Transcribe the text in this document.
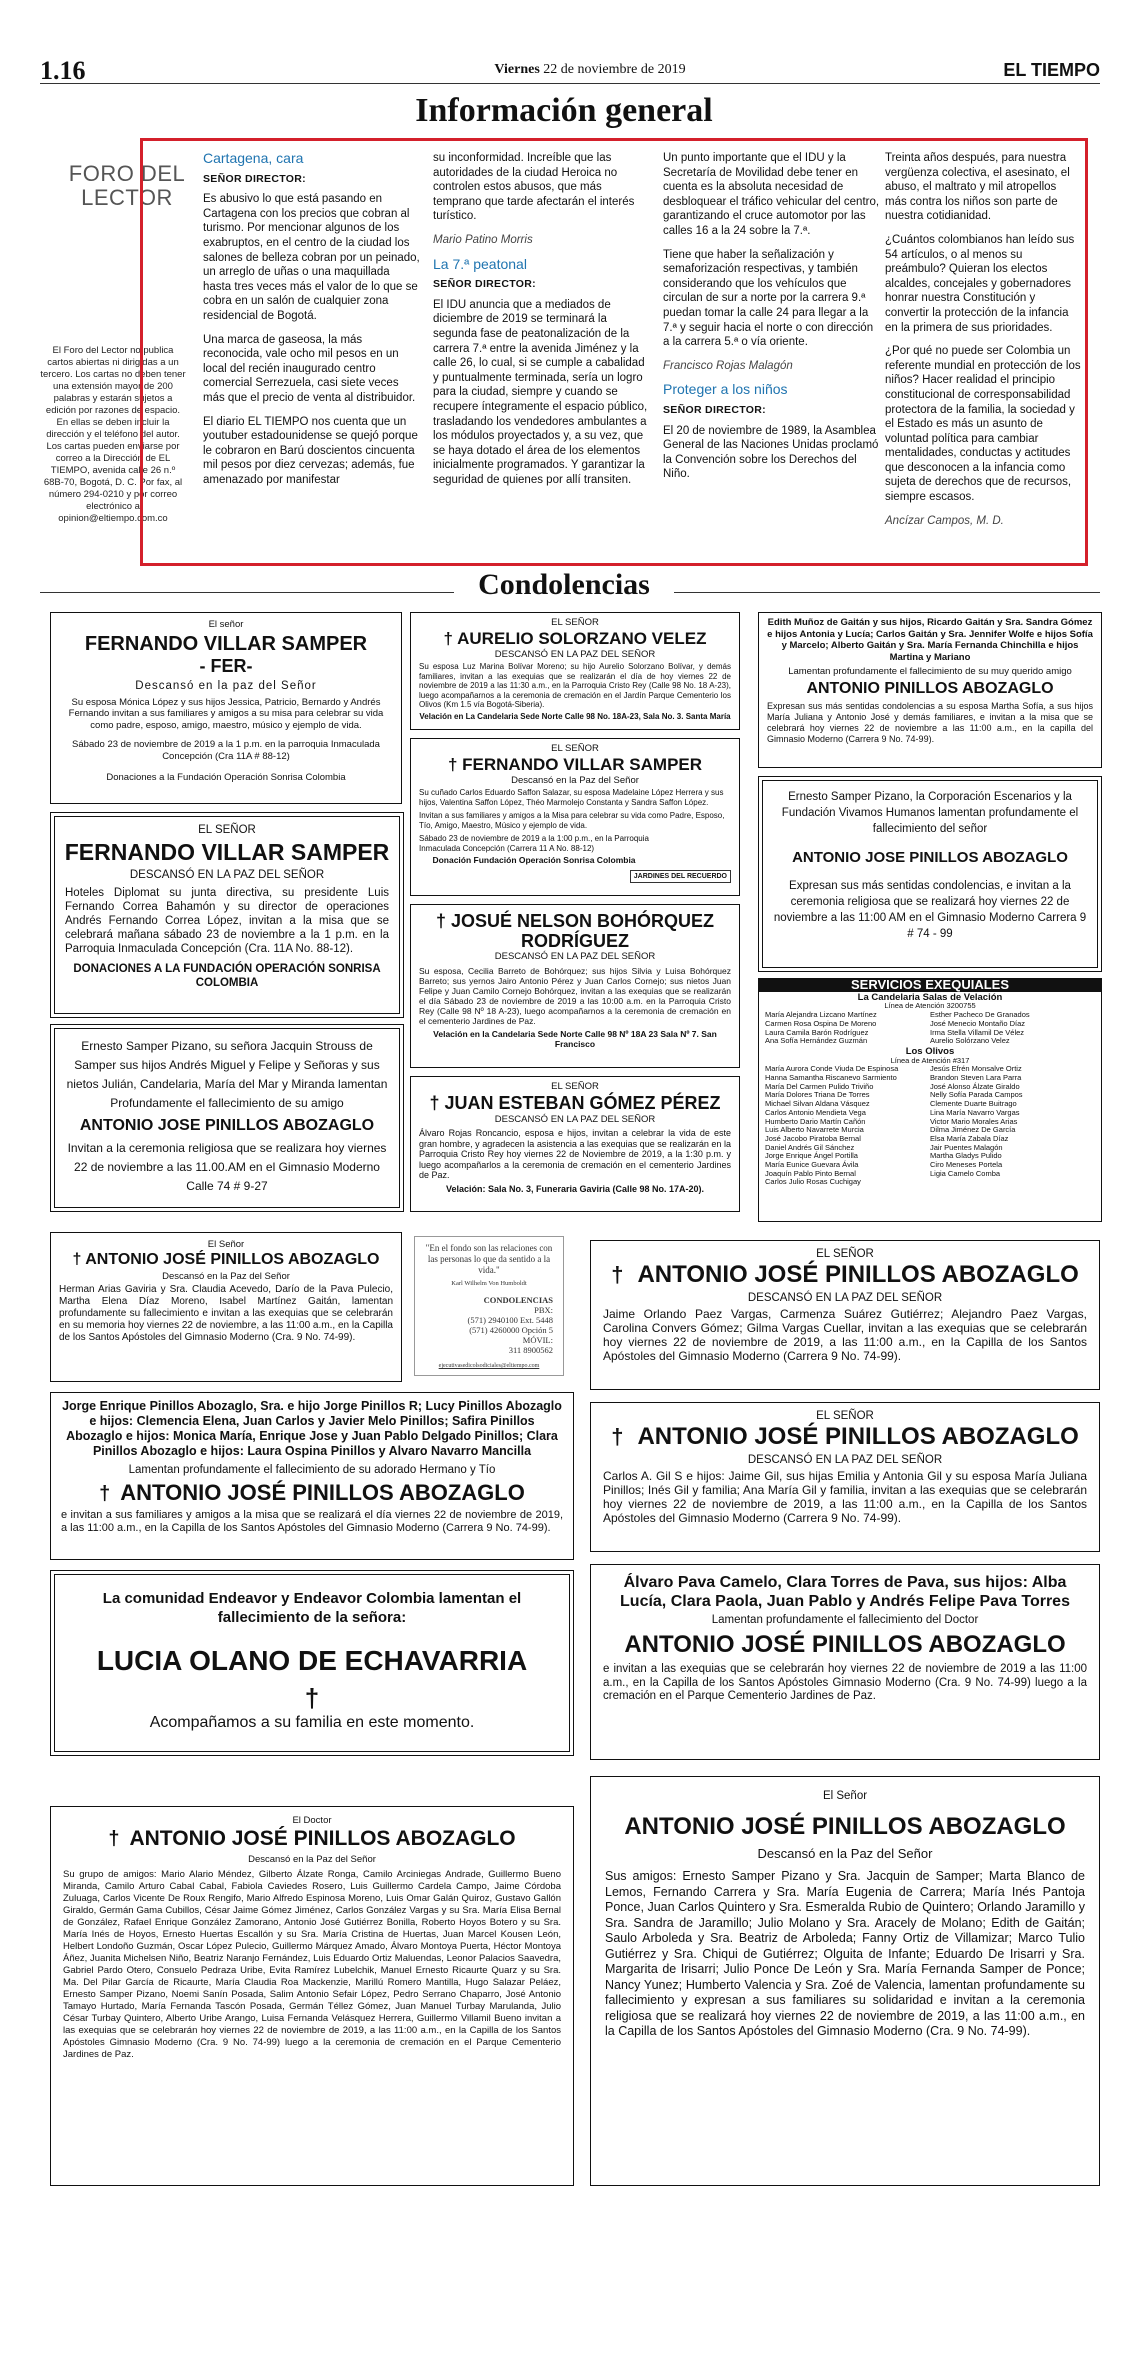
1.16	Viernes 22 de noviembre de 2019	EL TIEMPO
Información general
FORO DEL LECTOR
El Foro del Lector no publica cartos abiertas ni dirigidas a un tercero. Los cartas no deben tener una extensión mayor de 200 palabras y estarán sujetos a edición por razones de espacio. En ellas se deben incluir la dirección y el teléfono del autor. Los cartas pueden enviarse por correo a la Dirección de EL TIEMPO, avenida calle 26 n.º 68B-70, Bogotá, D. C. Por fax, al número 294-0210 y por correo electrónico a opinion@eltiempo.com.co

Cartagena, cara

SEÑOR DIRECTOR:

Es abusivo lo que está pasando en Cartagena con los precios que cobran al turismo. Por mencionar algunos de los exabruptos, en el centro de la ciudad los salones de belleza cobran por un peinado, un arreglo de uñas o una maquillada hasta tres veces más el valor de lo que se cobra en un salón de cualquier zona residencial de Bogotá.

Una marca de gaseosa, la más reconocida, vale ocho mil pesos en un local del recién inaugurado centro comercial Serrezuela, casi siete veces más que el precio de venta al distribuidor.

El diario EL TIEMPO nos cuenta que un youtuber estadounidense se quejó porque le cobraron en Barú doscientos cincuenta mil pesos por diez cervezas; además, fue amenazado por manifestar

su inconformidad. Increíble que las autoridades de la ciudad Heroica no controlen estos abusos, que más temprano que tarde afectarán el interés turístico.

Mario Patino Morris

La 7.ª peatonal

SEÑOR DIRECTOR:

El IDU anuncia que a mediados de diciembre de 2019 se terminará la segunda fase de peatonalización de la carrera 7.ª entre la avenida Jiménez y la calle 26, lo cual, si se cumple a cabalidad y puntualmente terminada, sería un logro para la ciudad, siempre y cuando se recupere íntegramente el espacio público, trasladando los vendedores ambulantes a los módulos proyectados y, a su vez, que se haya dotado el área de los elementos inicialmente programados. Y garantizar la seguridad de quienes por allí transiten.

Un punto importante que el IDU y la Secretaría de Movilidad debe tener en cuenta es la absoluta necesidad de desbloquear el tráfico vehicular del centro, garantizando el cruce automotor por las calles 16 a la 24 sobre la 7.ª.

Tiene que haber la señalización y semaforización respectivas, y también considerando que los vehículos que circulan de sur a norte por la carrera 9.ª puedan tomar la calle 24 para llegar a la 7.ª y seguir hacia el norte o con dirección a la carrera 5.ª o vía oriente.

Francisco Rojas Malagón

Proteger a los niños

SEÑOR DIRECTOR:

El 20 de noviembre de 1989, la Asamblea General de las Naciones Unidas proclamó la Convención sobre los Derechos del Niño.

Treinta años después, para nuestra vergüenza colectiva, el asesinato, el abuso, el maltrato y mil atropellos más contra los niños son parte de nuestra cotidianidad.

¿Cuántos colombianos han leído sus 54 artículos, o al menos su preámbulo? Quieran los electos alcaldes, concejales y gobernadores honrar nuestra Constitución y convertir la protección de la infancia en la primera de sus prioridades.

¿Por qué no puede ser Colombia un referente mundial en protección de los niños? Hacer realidad el principio constitucional de corresponsabilidad protectora de la familia, la sociedad y el Estado es más un asunto de voluntad política para cambiar mentalidades, conductas y actitudes que desconocen a la infancia como sujeta de derechos que de recursos, siempre escasos.

Ancízar Campos, M. D.

Condolencias
El señor
FERNANDO VILLAR SAMPER
- FER-
Descansó en la paz del Señor
Su esposa Mónica López y sus hijos Jessica, Patricio, Bernardo y Andrés Fernando invitan a sus familiares y amigos a su misa para celebrar su vida como padre, esposo, amigo, maestro, músico y ejemplo de vida.
Sábado 23 de noviembre de 2019 a la 1 p.m. en la parroquia Inmaculada Concepción (Cra 11A # 88-12)
Donaciones a la Fundación Operación Sonrisa Colombia
EL SEÑOR
FERNANDO VILLAR SAMPER
DESCANSÓ EN LA PAZ DEL SEÑOR
Hoteles Diplomat su junta directiva, su presidente Luis Fernando Correa Bahamón y su director de operaciones Andrés Fernando Correa López, invitan a la misa que se celebrará mañana sábado 23 de noviembre a la 1 p.m. en la Parroquia Inmaculada Concepción (Cra. 11A No. 88-12).
DONACIONES A LA FUNDACIÓN OPERACIÓN SONRISA COLOMBIA
Ernesto Samper Pizano, su señora Jacquin Strouss de Samper sus hijos Andrés Miguel y Felipe y Señoras y sus nietos Julián, Candelaria, María del Mar y Miranda lamentan Profundamente el fallecimiento de su amigo
ANTONIO JOSE PINILLOS ABOZAGLO
Invitan a la ceremonia religiosa que se realizara hoy viernes 22 de noviembre a las 11.00.AM en el Gimnasio Moderno Calle 74 # 9-27
EL SEÑOR
† AURELIO SOLORZANO VELEZ
DESCANSÓ EN LA PAZ DEL SEÑOR
Su esposa Luz Marina Bolívar Moreno; su hijo Aurelio Solorzano Bolívar, y demás familiares, invitan a las exequias que se realizarán el día de hoy viernes 22 de noviembre de 2019 a las 11:30 a.m., en la Parroquia Cristo Rey (Calle 98 No. 18 A-23), luego acompañarnos a la ceremonia de cremación en el Jardín Parque Cementerio los Olivos (Km 1.5 vía Bogotá-Siberia).
Velación en La Candelaria Sede Norte Calle 98 No. 18A-23, Sala No. 3. Santa María
EL SEÑOR
† FERNANDO VILLAR SAMPER
Descansó en la Paz del Señor
Su cuñado Carlos Eduardo Saffon Salazar, su esposa Madelaine López Herrera y sus hijos, Valentina Saffon López, Théo Marmolejo Constanta y Sandra Saffon López.
Invitan a sus familiares y amigos a la Misa para celebrar su vida como Padre, Esposo, Tío, Amigo, Maestro, Músico y ejemplo de vida.
Sábado 23 de noviembre de 2019 a la 1:00 p.m., en la Parroquia Inmaculada Concepción (Carrera 11 A No. 88-12)
Donación Fundación Operación Sonrisa Colombia
JARDINES DEL RECUERDO
† JOSUÉ NELSON BOHÓRQUEZ RODRÍGUEZ
DESCANSÓ EN LA PAZ DEL SEÑOR
Su esposa, Cecilia Barreto de Bohórquez; sus hijos Silvia y Luisa Bohórquez Barreto; sus yernos Jairo Antonio Pérez y Juan Carlos Cornejo; sus nietos Juan Felipe y Juan Camilo Cornejo Bohórquez, invitan a las exequias que se realizarán el día Sábado 23 de noviembre de 2019 a las 10:00 a.m. en la Parroquia Cristo Rey (Calle 98 Nº 18 A-23), luego acompañarnos a la ceremonia de cremación en el cementerio Jardines de Paz.
Velación en la Candelaria Sede Norte Calle 98 Nº 18A 23 Sala Nº 7. San Francisco
EL SEÑOR
† JUAN ESTEBAN GÓMEZ PÉREZ
DESCANSÓ EN LA PAZ DEL SEÑOR
Álvaro Rojas Roncancio, esposa e hijos, invitan a celebrar la vida de este gran hombre, y agradecen la asistencia a las exequias que se realizarán en la Parroquia Cristo Rey hoy viernes 22 de Noviembre de 2019, a la 1:30 p.m. y luego acompañarlos a la ceremonia de cremación en el cementerio Jardines de Paz.
Velación: Sala No. 3, Funeraria Gaviria (Calle 98 No. 17A-20).
Edith Muñoz de Gaitán y sus hijos, Ricardo Gaitán y Sra. Sandra Gómez e hijos Antonia y Lucía; Carlos Gaitán y Sra. Jennifer Wolfe e hijos Sofía y Marcelo; Alberto Gaitán y Sra. María Fernanda Chinchilla e hijos Martina y Mariano
Lamentan profundamente el fallecimiento de su muy querido amigo
ANTONIO PINILLOS ABOZAGLO
Expresan sus más sentidas condolencias a su esposa Martha Sofía, a sus hijos María Juliana y Antonio José y demás familiares, e invitan a la misa que se celebrará hoy viernes 22 de noviembre a las 11:00 a.m., en la capilla del Gimnasio Moderno (Carrera 9 No. 74-99).
Ernesto Samper Pizano, la Corporación Escenarios y la Fundación Vivamos Humanos lamentan profundamente el fallecimiento del señor
ANTONIO JOSE PINILLOS ABOZAGLO
Expresan sus más sentidas condolencias, e invitan a la ceremonia religiosa que se realizará hoy viernes 22 de noviembre a las 11:00 AM en el Gimnasio Moderno Carrera 9 # 74 - 99
SERVICIOS EXEQUIALES
La Candelaria Salas de Velación
Línea de Atención 3200755
María Alejandra Lizcano Martínez
Carmen Rosa Ospina De Moreno
Laura Camila Barón Rodríguez
Ana Sofía Hernández Guzmán
Esther Pacheco De Granados
José Menecio Montaño Díaz
Irma Stella Villamil De Vélez
Aurelio Solórzano Velez
Los Olivos
Línea de Atención #317
María Aurora Conde Viuda De Espinosa
Hanna Samantha Riscanevo Sarmiento
María Del Carmen Pulido Triviño
María Dolores Triana De Torres
Michael Silvan Aldana Vásquez
Carlos Antonio Mendieta Vega
Humberto Dario Martín Cañón
Luis Alberto Navarrete Murcia
José Jacobo Piratoba Bernal
Daniel Andrés Gil Sánchez
Jorge Enrique Ángel Portilla
María Eunice Guevara Ávila
Joaquín Pablo Pinto Bernal
Carlos Julio Rosas Cuchigay
Jesús Efrén Monsalve Ortiz
Brandon Steven Lara Parra
José Alonso Álzate Giraldo
Nelly Sofía Parada Campos
Clemente Duarte Buitrago
Lina María Navarro Vargas
Victor Mario Morales Arias
Dilma Jiménez De García
Elsa María Zabala Díaz
Jair Puentes Malagón
Martha Gladys Pulido
Ciro Meneses Portela
Ligia Camelo Comba
El Señor
† ANTONIO JOSÉ PINILLOS ABOZAGLO
Descansó en la Paz del Señor
Herman Arias Gaviria y Sra. Claudia Acevedo, Darío de la Pava Pulecio, Martha Elena Díaz Moreno, Isabel Martínez Gaitán, lamentan profundamente su fallecimiento e invitan a las exequias que se celebrarán en su memoria hoy viernes 22 de noviembre, a las 11:00 a.m., en la Capilla de los Santos Apóstoles del Gimnasio Moderno (Cra. 9 No. 74-99).
"En el fondo son las relaciones con las personas lo que da sentido a la vida."
Karl Wilhelm Von Humboldt
CONDOLENCIAS
PBX:
(571) 2940100 Ext. 5448
(571) 4260000 Opción 5
MÓVIL:
311 8900562
ejecutivasedicolsodiciales@eltiempo.com
EL SEÑOR
† ANTONIO JOSÉ PINILLOS ABOZAGLO
DESCANSÓ EN LA PAZ DEL SEÑOR
Jaime Orlando Paez Vargas, Carmenza Suárez Gutiérrez; Alejandro Paez Vargas, Carolina Convers Gómez; Gilma Vargas Cuellar, invitan a las exequias que se celebrarán hoy viernes 22 de noviembre de 2019, a las 11:00 a.m., en la Capilla de los Santos Apóstoles del Gimnasio Moderno (Carrera 9 No. 74-99).
Jorge Enrique Pinillos Abozaglo, Sra. e hijo Jorge Pinillos R; Lucy Pinillos Abozaglo e hijos: Clemencia Elena, Juan Carlos y Javier Melo Pinillos; Safira Pinillos Abozaglo e hijos: Monica María, Enrique Jose y Juan Pablo Delgado Pinillos; Clara Pinillos Abozaglo e hijos: Laura Ospina Pinillos y Alvaro Navarro Mancilla
Lamentan profundamente el fallecimiento de su adorado Hermano y Tío
† ANTONIO JOSÉ PINILLOS ABOZAGLO
e invitan a sus familiares y amigos a la misa que se realizará el día viernes 22 de noviembre de 2019, a las 11:00 a.m., en la Capilla de los Santos Apóstoles del Gimnasio Moderno (Carrera 9 No. 74-99).
EL SEÑOR
† ANTONIO JOSÉ PINILLOS ABOZAGLO
DESCANSÓ EN LA PAZ DEL SEÑOR
Carlos A. Gil S e hijos: Jaime Gil, sus hijas Emilia y Antonia Gil y su esposa María Juliana Pinillos; Inés Gil y familia; Ana María Gil y familia, invitan a las exequias que se celebrarán hoy viernes 22 de noviembre de 2019, a las 11:00 a.m., en la Capilla de los Santos Apóstoles del Gimnasio Moderno (Carrera 9 No. 74-99).
La comunidad Endeavor y Endeavor Colombia lamentan el fallecimiento de la señora:
LUCIA OLANO DE ECHAVARRIA
†
Acompañamos a su familia en este momento.
Álvaro Pava Camelo, Clara Torres de Pava, sus hijos: Alba Lucía, Clara Paola, Juan Pablo y Andrés Felipe Pava Torres
Lamentan profundamente el fallecimiento del Doctor
ANTONIO JOSÉ PINILLOS ABOZAGLO
e invitan a las exequias que se celebrarán hoy viernes 22 de noviembre de 2019 a las 11:00 a.m., en la Capilla de los Santos Apóstoles Gimnasio Moderno (Cra. 9 No. 74-99) luego a la cremación en el Parque Cementerio Jardines de Paz.
El Doctor
† ANTONIO JOSÉ PINILLOS ABOZAGLO
Descansó en la Paz del Señor
Su grupo de amigos: Mario Alario Méndez, Gilberto Álzate Ronga, Camilo Arciniegas Andrade, Guillermo Bueno Miranda, Camilo Arturo Cabal Cabal, Fabiola Caviedes Rosero, Luis Guillermo Cardela Campo, Jaime Córdoba Zuluaga, Carlos Vicente De Roux Rengifo, Mario Alfredo Espinosa Moreno, Luis Omar Galán Quiroz, Gustavo Gallón Giraldo, Germán Gama Cubillos, César Jaime Gómez Jiménez, Carlos González Vargas y su Sra. María Elisa Bernal de González, Rafael Enrique González Zamorano, Antonio José Gutiérrez Bonilla, Roberto Hoyos Botero y su Sra. María Inés de Hoyos, Ernesto Huertas Escallón y su Sra. María Cristina de Huertas, Juan Marcel Kousen León, Helbert Londoño Guzmán, Oscar López Pulecio, Guillermo Márquez Amado, Álvaro Montoya Puerta, Héctor Montoya Áñez, Juanita Michelsen Niño, Beatriz Naranjo Fernández, Luis Eduardo Ortiz Maluendas, Leonor Palacios Saavedra, Gabriel Pardo Otero, Consuelo Pedraza Uribe, Evita Ramírez Lubelchik, Manuel Ernesto Ricaurte Quarz y su Sra. Ma. Del Pilar García de Ricaurte, María Claudia Roa Mackenzie, Marillú Romero Mantilla, Hugo Salazar Peláez, Ernesto Samper Pizano, Noemi Sanín Posada, Salim Antonio Sefair López, Pedro Serrano Chaparro, José Antonio Tamayo Hurtado, María Fernanda Tascón Posada, Germán Téllez Gómez, Juan Manuel Turbay Marulanda, Julio César Turbay Quintero, Alberto Uribe Arango, Luisa Fernanda Velásquez Herrera, Guillermo Villamil Bueno invitan a las exequias que se celebrarán hoy viernes 22 de noviembre de 2019, a las 11:00 a.m., en la Capilla de los Santos Apóstoles Gimnasio Moderno (Cra. 9 No. 74-99) luego a la ceremonia de cremación en el Parque Cementerio Jardines de Paz.
El Señor
ANTONIO JOSÉ PINILLOS ABOZAGLO
Descansó en la Paz del Señor
Sus amigos: Ernesto Samper Pizano y Sra. Jacquin de Samper; Marta Blanco de Lemos, Fernando Carrera y Sra. María Eugenia de Carrera; María Inés Pantoja Ponce, Juan Carlos Quintero y Sra. Esmeralda Rubio de Quintero; Orlando Jaramillo y Sra. Sandra de Jaramillo; Julio Molano y Sra. Aracely de Molano; Edith de Gaitán; Saulo Arboleda y Sra. Beatriz de Arboleda; Fanny Ortiz de Villamizar; Marco Tulio Gutiérrez y Sra. Chiqui de Gutiérrez; Olguita de Infante; Eduardo De Irisarri y Sra. Margarita de Irisarri; Julio Ponce De León y Sra. María Fernanda Samper de Ponce; Nancy Yunez; Humberto Valencia y Sra. Zoé de Valencia, lamentan profundamente su fallecimiento y expresan a sus familiares su solidaridad e invitan a la ceremonia religiosa que se realizará hoy viernes 22 de noviembre de 2019, a las 11:00 a.m., en la Capilla de los Santos Apóstoles del Gimnasio Moderno (Cra. 9 No. 74-99).
